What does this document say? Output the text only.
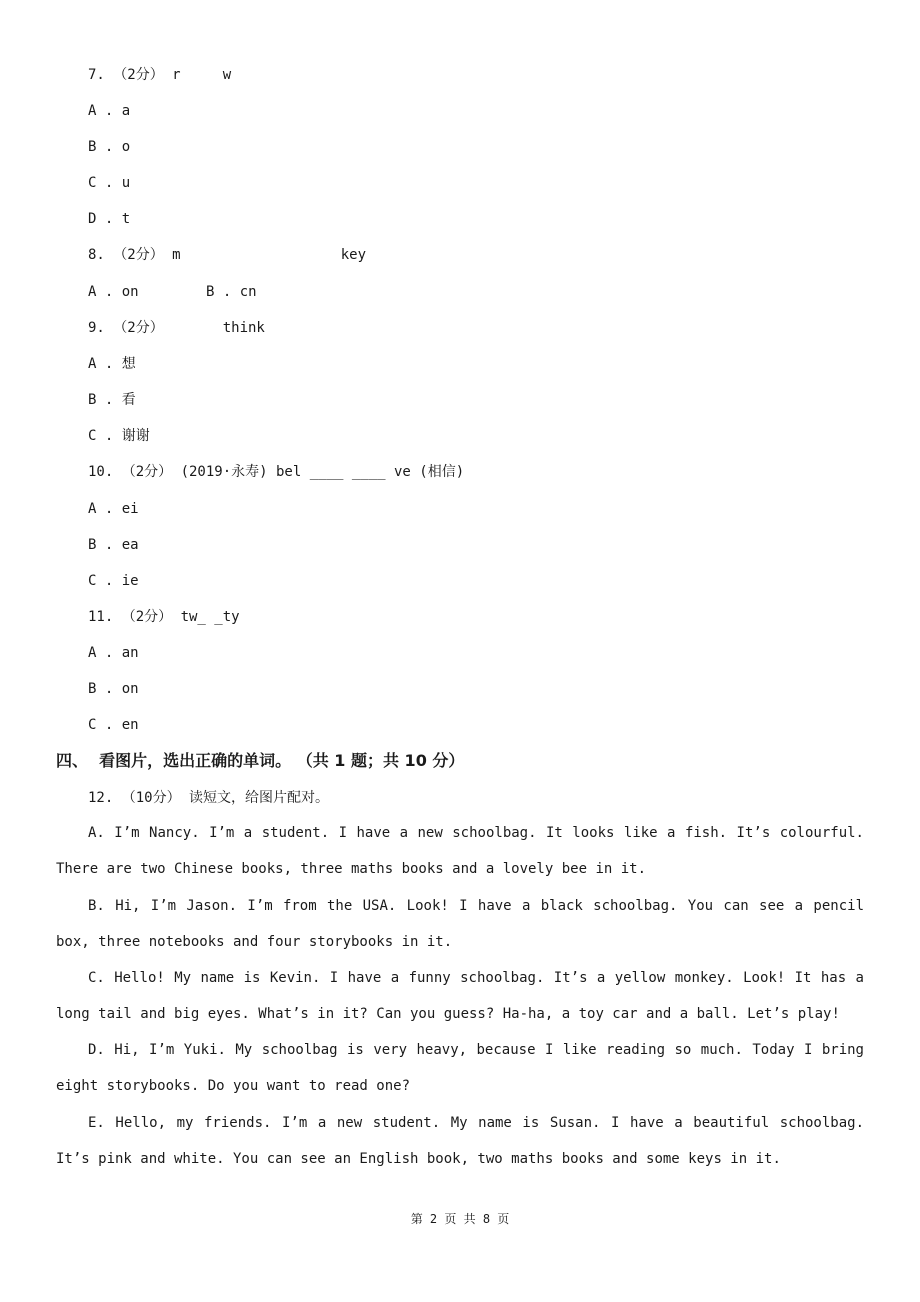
7. （2分） r     w
A . a
B . o
C . u
D . t
8. （2分） m                   key
A . on        B . cn
9. （2分）       think
A . 想
B . 看
C . 谢谢
10. （2分） (2019·永寿) bel ____ ____ ve (相信)
A . ei
B . ea
C . ie
11. （2分） tw_ _ty
A . an
B . on
C . en
四、  看图片，选出正确的单词。 （共 1 题；共 10 分）
12. （10分） 读短文，给图片配对。
A. I’m Nancy. I’m a student. I have a new schoolbag. It looks like a fish. It’s colourful. There are two Chinese books, three maths books and a lovely bee in it.
B. Hi, I’m Jason. I’m from the USA. Look! I have a black schoolbag. You can see a pencil box, three notebooks and four storybooks in it.
C. Hello! My name is Kevin. I have a funny schoolbag. It’s a yellow monkey. Look! It has a long tail and big eyes. What’s in it? Can you guess? Ha-ha, a toy car and a ball. Let’s play!
D. Hi, I’m Yuki. My schoolbag is very heavy, because I like reading so much. Today I bring eight storybooks. Do you want to read one?
E. Hello, my friends. I’m a new student. My name is Susan. I have a beautiful schoolbag. It’s pink and white. You can see an English book, two maths books and some keys in it.
第 2 页 共 8 页
